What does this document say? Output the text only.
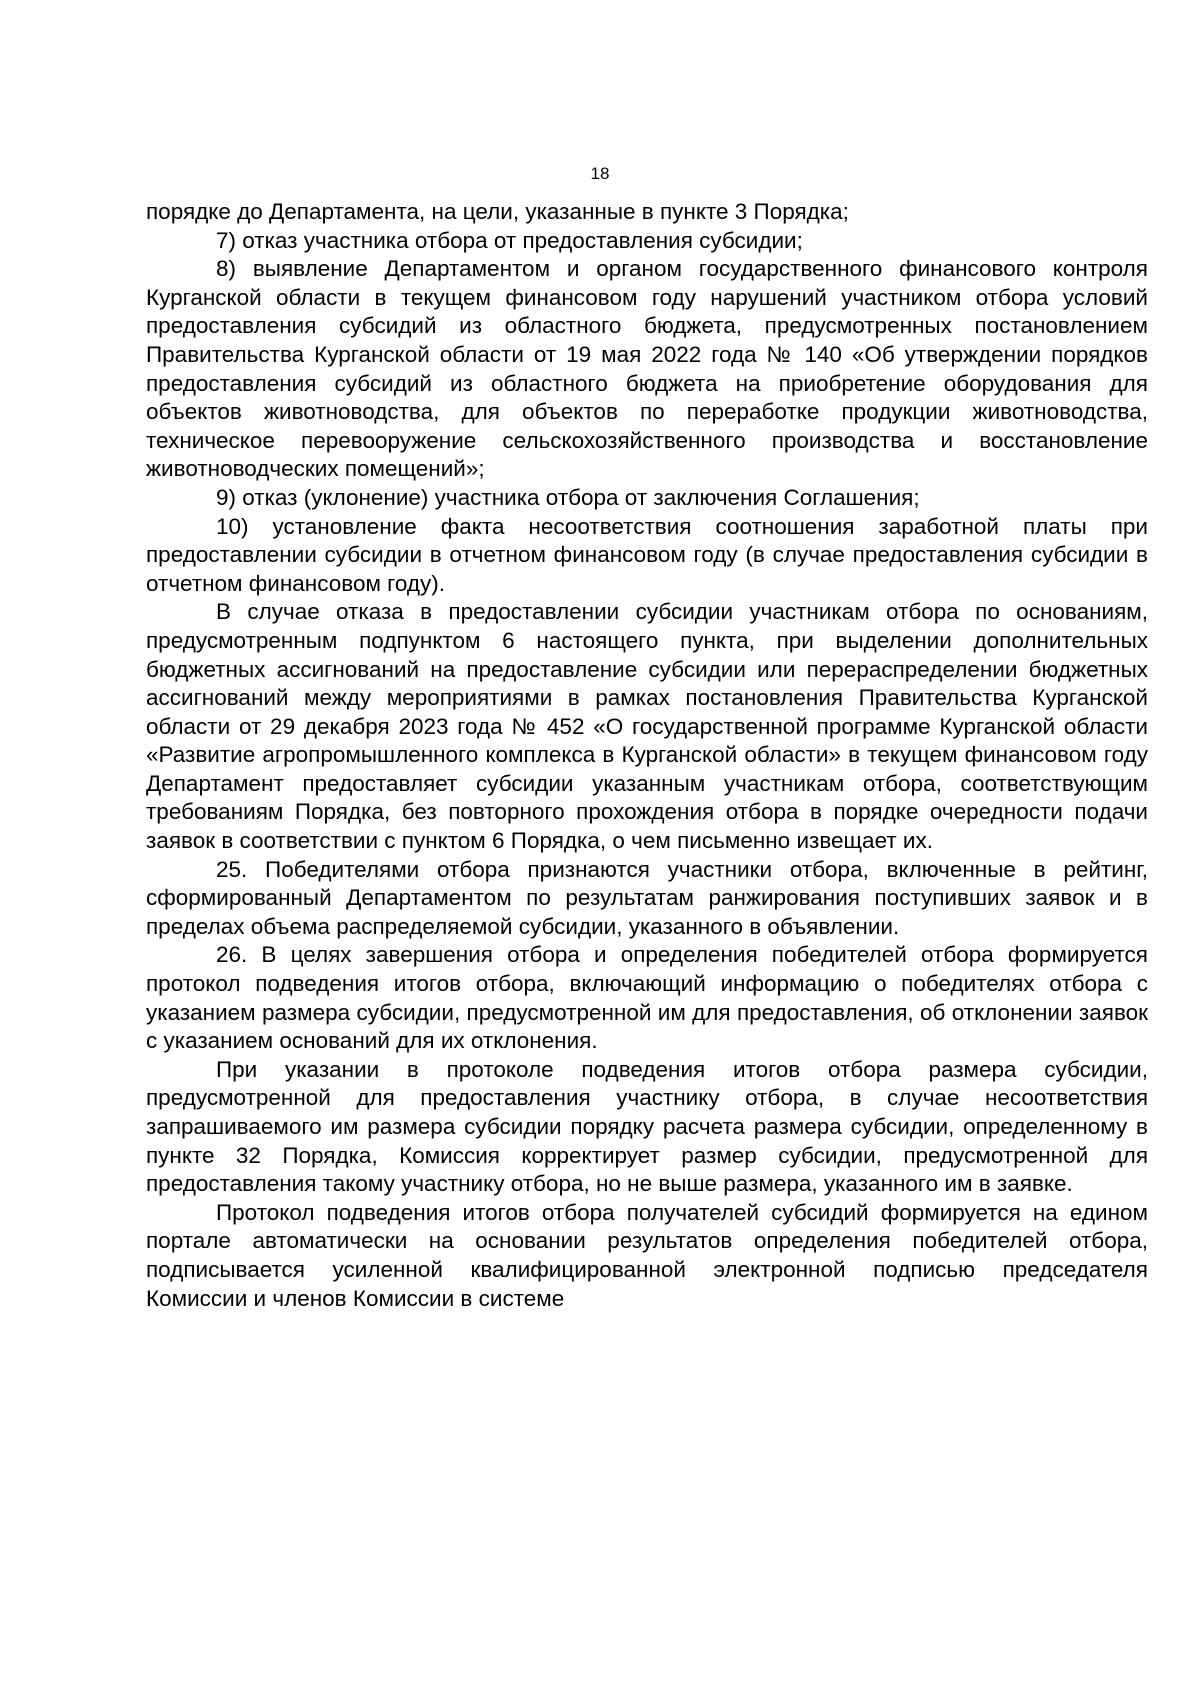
18

порядке до Департамента, на цели, указанные в пункте 3 Порядка;

7) отказ участника отбора от предоставления субсидии;

8) выявление Департаментом и органом государственного финансового контроля Курганской области в текущем финансовом году нарушений участником отбора условий предоставления субсидий из областного бюджета, предусмотренных постановлением Правительства Курганской области от 19 мая 2022 года № 140 «Об утверждении порядков предоставления субсидий из областного бюджета на приобретение оборудования для объектов животноводства, для объектов по переработке продукции животноводства, техническое перевооружение сельскохозяйственного производства и восстановление животноводческих помещений»;

9) отказ (уклонение) участника отбора от заключения Соглашения;

10) установление факта несоответствия соотношения заработной платы при предоставлении субсидии в отчетном финансовом году (в случае предоставления субсидии в отчетном финансовом году).

В случае отказа в предоставлении субсидии участникам отбора по основаниям, предусмотренным подпунктом 6 настоящего пункта, при выделении дополнительных бюджетных ассигнований на предоставление субсидии или перераспределении бюджетных ассигнований между мероприятиями в рамках постановления Правительства Курганской области от 29 декабря 2023 года № 452 «О государственной программе Курганской области «Развитие агропромышленного комплекса в Курганской области» в текущем финансовом году Департамент предоставляет субсидии указанным участникам отбора, соответствующим требованиям Порядка, без повторного прохождения отбора в порядке очередности подачи заявок в соответствии с пунктом 6 Порядка, о чем письменно извещает их.

25. Победителями отбора признаются участники отбора, включенные в рейтинг, сформированный Департаментом по результатам ранжирования поступивших заявок и в пределах объема распределяемой субсидии, указанного в объявлении.

26. В целях завершения отбора и определения победителей отбора формируется протокол подведения итогов отбора, включающий информацию о победителях отбора с указанием размера субсидии, предусмотренной им для предоставления, об отклонении заявок с указанием оснований для их отклонения.

При указании в протоколе подведения итогов отбора размера субсидии, предусмотренной для предоставления участнику отбора, в случае несоответствия запрашиваемого им размера субсидии порядку расчета размера субсидии, определенному в пункте 32 Порядка, Комиссия корректирует размер субсидии, предусмотренной для предоставления такому участнику отбора, но не выше размера, указанного им в заявке.

Протокол подведения итогов отбора получателей субсидий формируется на едином портале автоматически на основании результатов определения победителей отбора, подписывается усиленной квалифицированной электронной подписью председателя Комиссии и членов Комиссии в системе
